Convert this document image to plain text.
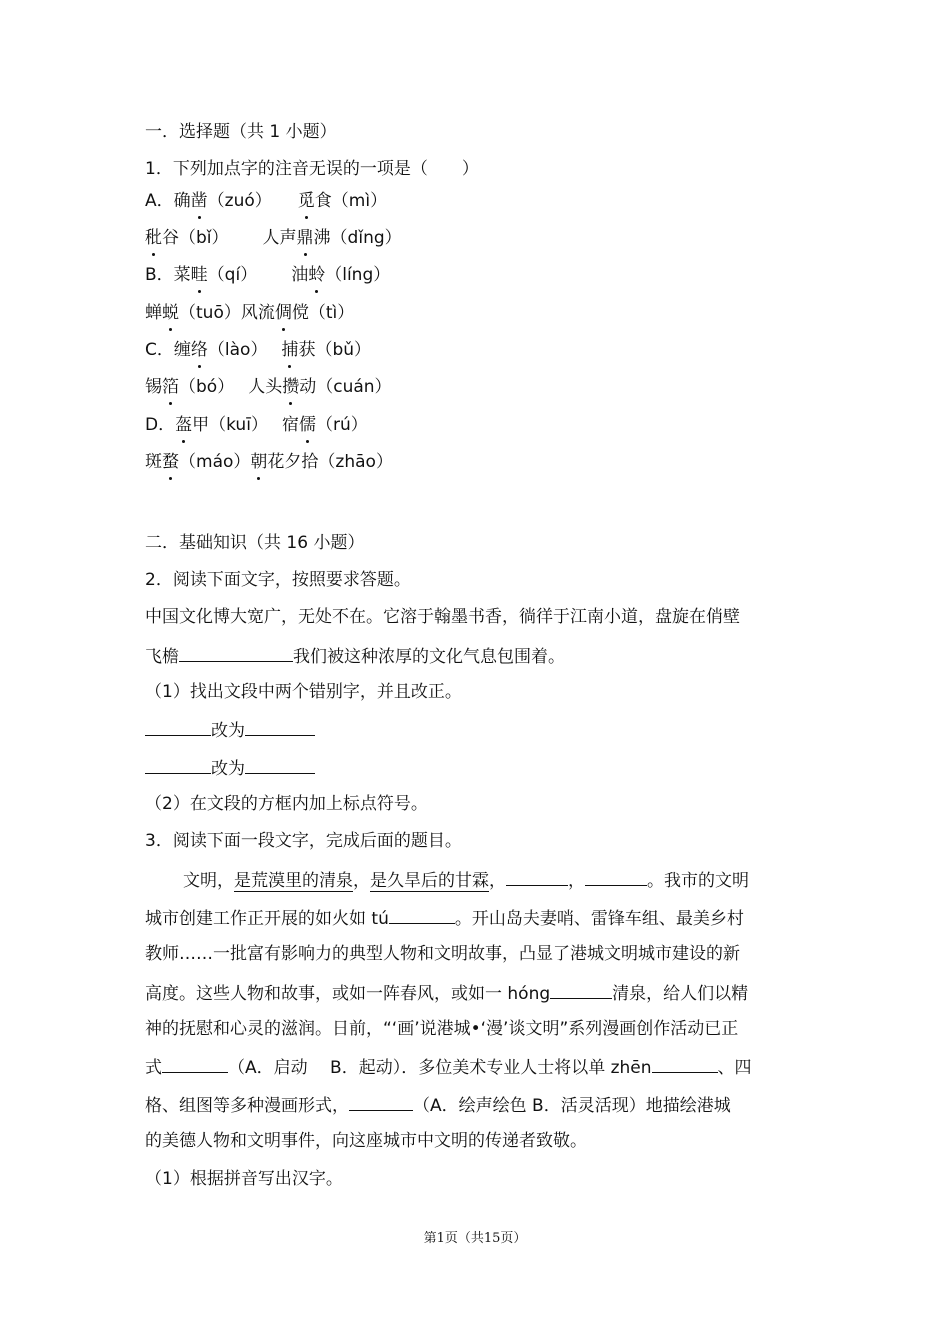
一．选择题（共 1 小题）
1．下列加点字的注音无误的一项是（　　）
A．确凿（zuó） 觅食（mì）
秕谷（bǐ） 人声鼎沸（dǐng）
B．菜畦（qí） 油蛉（líng）
蝉蜕（tuō）风流倜傥（tì）
C．缠络（lào） 捕获（bǔ）
锡箔（bó） 人头攒动（cuán）
D．盔甲（kuī） 宿儒（rú）
斑蝥（máo）朝花夕拾（zhāo）
二．基础知识（共 16 小题）
2．阅读下面文字，按照要求答题。
中国文化博大宽广，无处不在。它溶于翰墨书香，徜徉于江南小道，盘旋在俏壁
飞檐	我们被这种浓厚的文化气息包围着。
（1）找出文段中两个错别字，并且改正。
改为
改为
（2）在文段的方框内加上标点符号。
3．阅读下面一段文字，完成后面的题目。
文明，是荒漠里的清泉，是久旱后的甘霖，	，	。我市的文明
城市创建工作正开展的如火如 tú	。开山岛夫妻哨、雷锋车组、最美乡村
教师……一批富有影响力的典型人物和文明故事，凸显了港城文明城市建设的新
高度。这些人物和故事，或如一阵春风，或如一 hóng	清泉，给人们以精
神的抚慰和心灵的滋润。日前，“‘画’说港城•‘漫’谈文明”系列漫画创作活动已正
式	（A．启动　 B．起动）．多位美术专业人士将以单 zhēn	、四
格、组图等多种漫画形式，	（A．绘声绘色 B．活灵活现）地描绘港城
的美德人物和文明事件，向这座城市中文明的传递者致敬。
（1）根据拼音写出汉字。
第1页（共15页）
